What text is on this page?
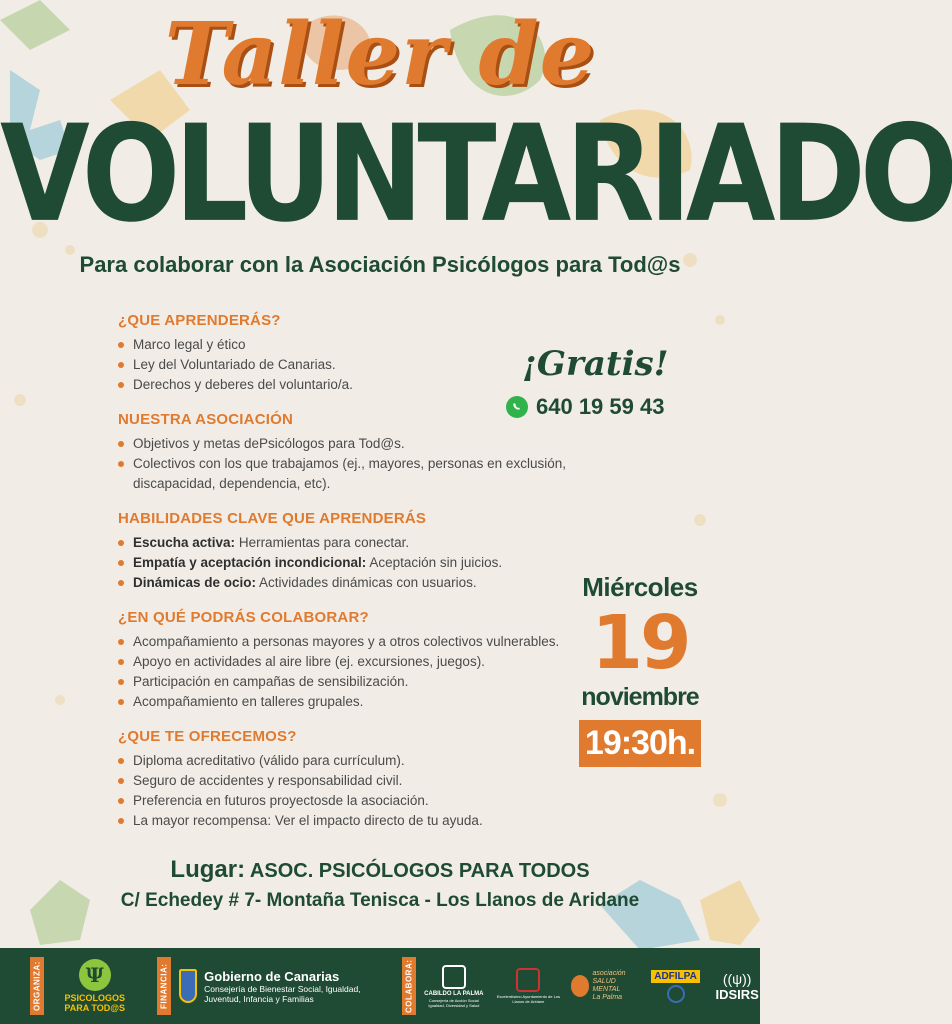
Taller de
VOLUNTARIADO
Para colaborar con la Asociación Psicólogos para Tod@s
¿QUE APRENDERÁS?
Marco legal y ético
Ley del Voluntariado de Canarias.
Derechos y deberes del voluntario/a.
NUESTRA ASOCIACIÓN
Objetivos y metas dePsicólogos para Tod@s.
Colectivos con los que trabajamos (ej., mayores, personas en exclusión, discapacidad, dependencia, etc).
HABILIDADES CLAVE QUE APRENDERÁS
Escucha activa: Herramientas para conectar.
Empatía y aceptación incondicional: Aceptación sin juicios.
Dinámicas de ocio: Actividades dinámicas con usuarios.
¿EN QUÉ PODRÁS COLABORAR?
Acompañamiento a personas mayores y a otros colectivos vulnerables.
Apoyo en actividades al aire libre (ej. excursiones, juegos).
Participación en campañas de sensibilización.
Acompañamiento en talleres grupales.
¿QUE TE OFRECEMOS?
Diploma acreditativo (válido para currículum).
Seguro de accidentes y responsabilidad civil.
Preferencia en futuros proyectosde la asociación.
La mayor recompensa: Ver el impacto directo de tu ayuda.
¡Gratis!
640 19 59 43
Miércoles
19
noviembre
19:30h.
Lugar: ASOC. PSICÓLOGOS PARA TODOS
C/ Echedey # 7- Montaña Tenisca - Los Llanos de Aridane
ORGANIZA:	Ψ
PSICOLOGOS
PARA TOD@S	FINANCIA:	Gobierno de Canarias
Consejería de Bienestar Social, Igualdad, Juventud, Infancia y Familias	COLABORA:	CABILDO LA PALMA
Consejería de Acción Social Igualdad, Diversidad y Salud
Excelentísimo Ayuntamiento de Los Llanos de Aridane
asociación
SALUD MENTAL
La Palma
ADFILPA ((ψ))
IDSIRS
